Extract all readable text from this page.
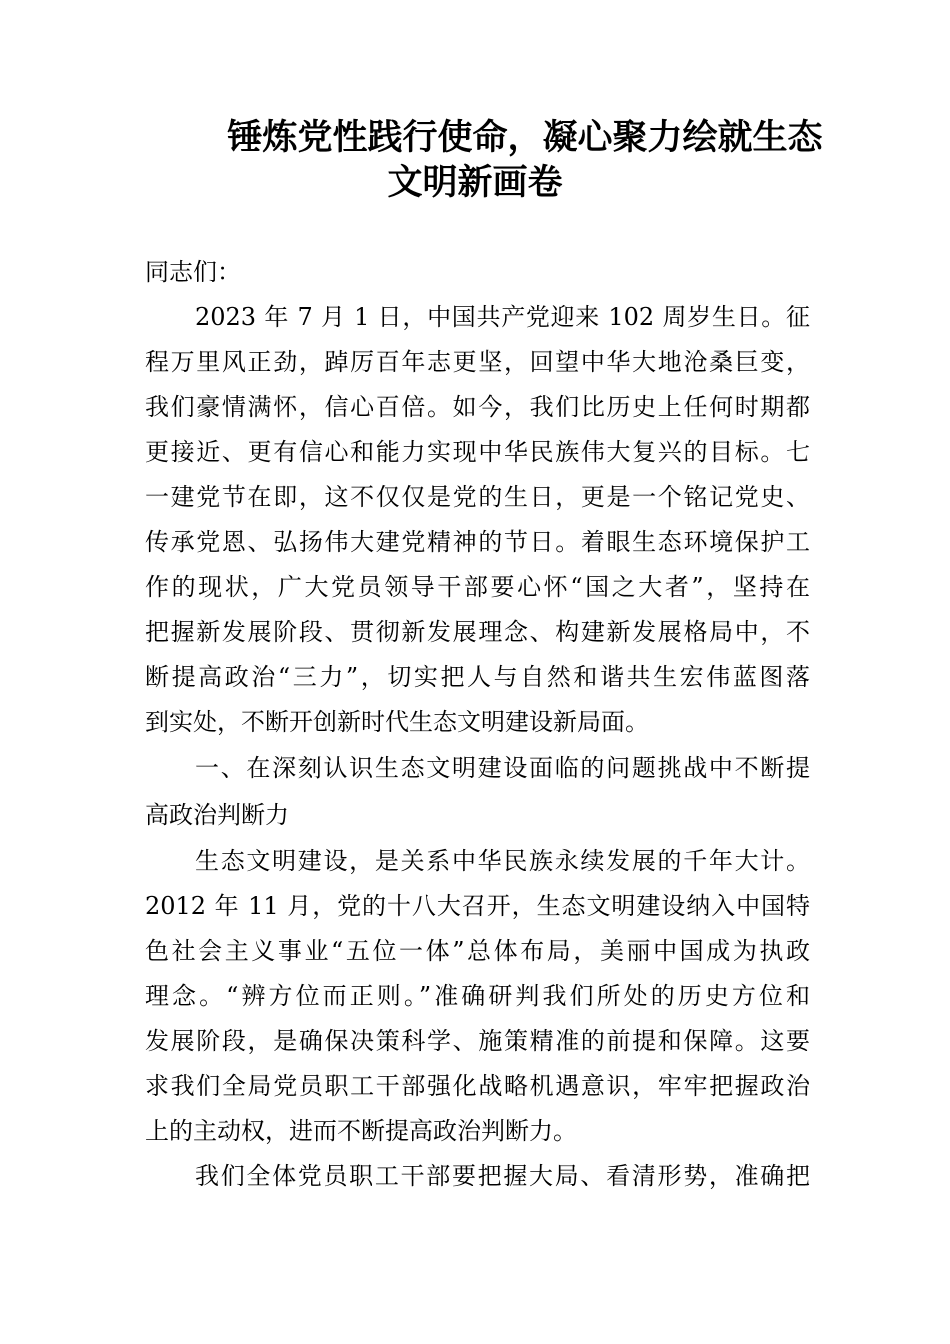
锤炼党性践行使命，凝心聚力绘就生态
文明新画卷
同志们：
2023 年 7 月 1 日，中国共产党迎来 102 周岁生日。征
程万里风正劲，踔厉百年志更坚，回望中华大地沧桑巨变，
我们豪情满怀，信心百倍。如今，我们比历史上任何时期都
更接近、更有信心和能力实现中华民族伟大复兴的目标。七
一建党节在即，这不仅仅是党的生日，更是一个铭记党史、
传承党恩、弘扬伟大建党精神的节日。着眼生态环境保护工
作的现状，广大党员领导干部要心怀“国之大者”，坚持在
把握新发展阶段、贯彻新发展理念、构建新发展格局中，不
断提高政治“三力”，切实把人与自然和谐共生宏伟蓝图落
到实处，不断开创新时代生态文明建设新局面。
一、在深刻认识生态文明建设面临的问题挑战中不断提
高政治判断力
生态文明建设，是关系中华民族永续发展的千年大计。
2012 年 11 月，党的十八大召开，生态文明建设纳入中国特
色社会主义事业“五位一体”总体布局，美丽中国成为执政
理念。“辨方位而正则。”准确研判我们所处的历史方位和
发展阶段，是确保决策科学、施策精准的前提和保障。这要
求我们全局党员职工干部强化战略机遇意识，牢牢把握政治
上的主动权，进而不断提高政治判断力。
我们全体党员职工干部要把握大局、看清形势，准确把
